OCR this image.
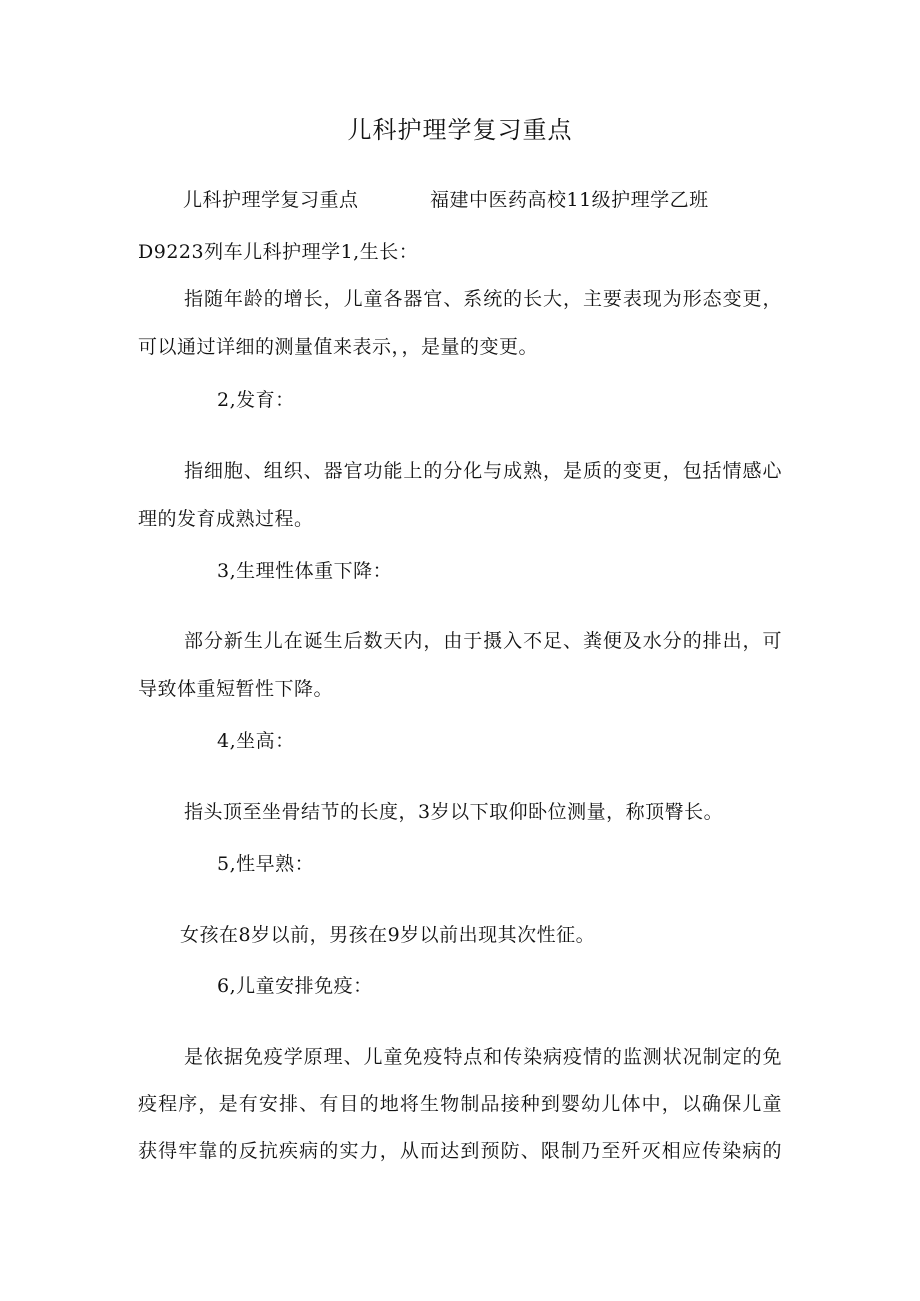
儿科护理学复习重点
儿科护理学复习重点	福建中医药高校11级护理学乙班
D9223列车儿科护理学1,生长：
指随年龄的增长，儿童各器官、系统的长大，主要表现为形态变更，
可以通过详细的测量值来表示，，是量的变更。
2,发育：
指细胞、组织、器官功能上的分化与成熟，是质的变更，包括情感心
理的发育成熟过程。
3,生理性体重下降：
部分新生儿在诞生后数天内，由于摄入不足、粪便及水分的排出，可
导致体重短暂性下降。
4,坐高：
指头顶至坐骨结节的长度，3岁以下取仰卧位测量，称顶臀长。
5,性早熟：
女孩在8岁以前，男孩在9岁以前出现其次性征。
6,儿童安排免疫：
是依据免疫学原理、儿童免疫特点和传染病疫情的监测状况制定的免
疫程序，是有安排、有目的地将生物制品接种到婴幼儿体中，以确保儿童
获得牢靠的反抗疾病的实力，从而达到预防、限制乃至歼灭相应传染病的
